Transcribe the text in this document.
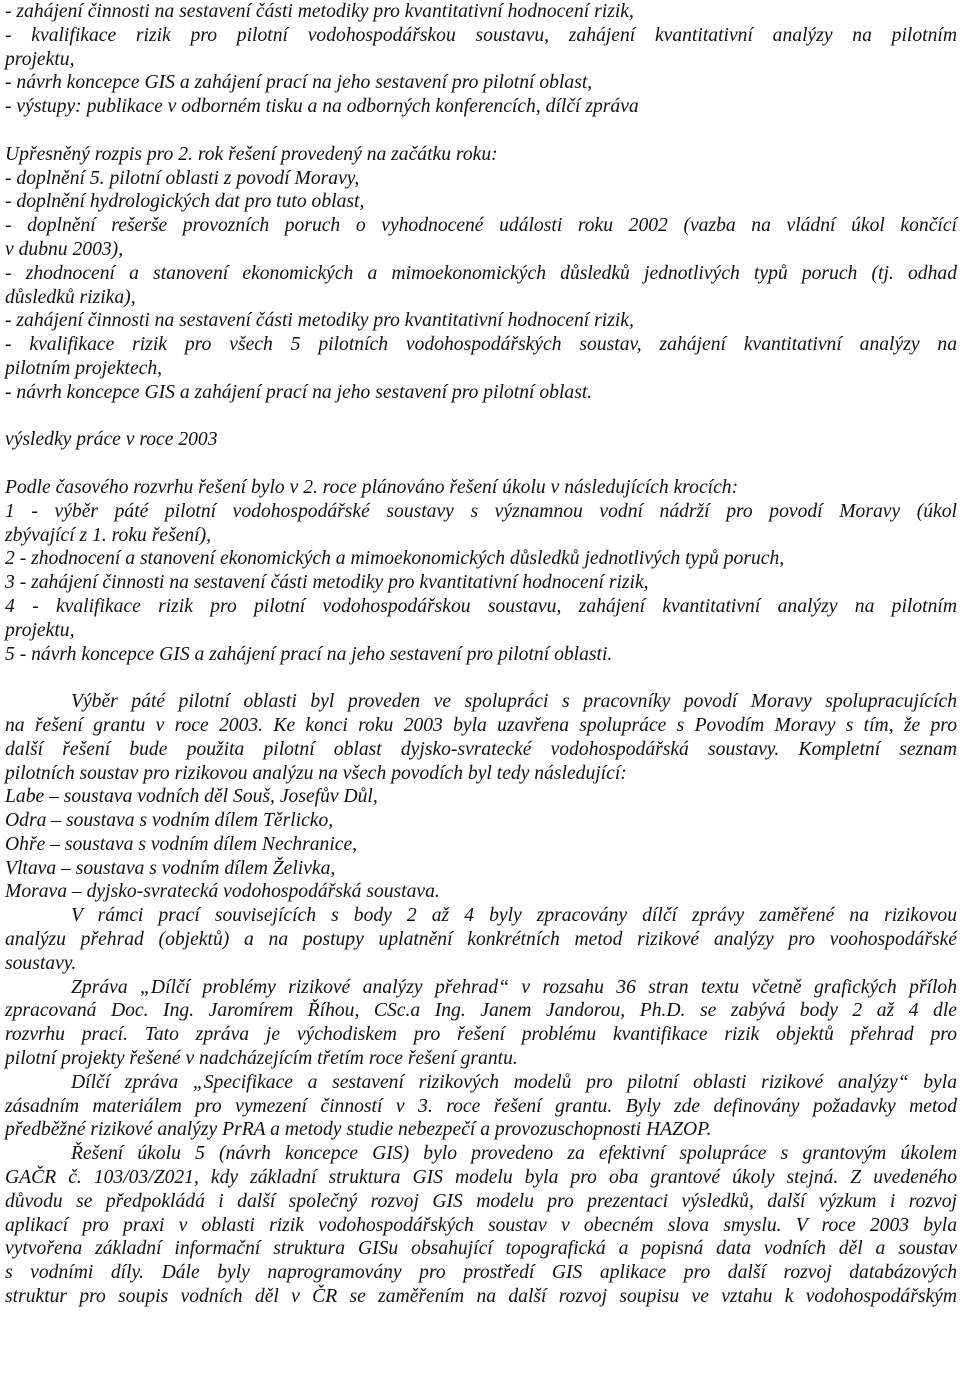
- zahájení činnosti na sestavení části metodiky pro kvantitativní hodnocení rizik,
- kvalifikace rizik pro pilotní vodohospodářskou soustavu, zahájení kvantitativní analýzy na pilotním
projektu,
- návrh koncepce GIS a zahájení prací na jeho sestavení pro pilotní oblast,
- výstupy: publikace v odborném tisku a na odborných konferencích, dílčí zpráva
Upřesněný rozpis pro 2. rok řešení provedený na začátku roku:
- doplnění 5. pilotní oblasti z povodí Moravy,
- doplnění hydrologických dat pro tuto oblast,
- doplnění rešerše provozních poruch o vyhodnocené události roku 2002 (vazba na vládní úkol končící
v dubnu 2003),
- zhodnocení a stanovení ekonomických a mimoekonomických důsledků jednotlivých typů poruch (tj. odhad
důsledků rizika),
- zahájení činnosti na sestavení části metodiky pro kvantitativní hodnocení rizik,
- kvalifikace rizik pro všech 5 pilotních vodohospodářských soustav, zahájení kvantitativní analýzy na
pilotním projektech,
- návrh koncepce GIS a zahájení prací na jeho sestavení pro pilotní oblast.
výsledky práce v roce 2003
Podle časového rozvrhu řešení bylo v 2. roce plánováno řešení úkolu v následujících krocích:
1 - výběr páté pilotní vodohospodářské soustavy s významnou vodní nádrží pro povodí Moravy (úkol
zbývající z 1. roku řešení),
2 - zhodnocení a stanovení ekonomických a mimoekonomických důsledků jednotlivých typů poruch,
3 - zahájení činnosti na sestavení části metodiky pro kvantitativní hodnocení rizik,
4 - kvalifikace rizik pro pilotní vodohospodářskou soustavu, zahájení kvantitativní analýzy na pilotním
projektu,
5 - návrh koncepce GIS a zahájení prací na jeho sestavení pro pilotní oblasti.
Výběr páté pilotní oblasti byl proveden ve spolupráci s pracovníky povodí Moravy spolupracujících
na řešení grantu v roce 2003. Ke konci roku 2003 byla uzavřena spolupráce s Povodím Moravy s tím, že pro
další řešení bude použita pilotní oblast dyjsko-svratecké vodohospodářská soustavy. Kompletní seznam
pilotních soustav pro rizikovou analýzu na všech povodích byl tedy následující:
Labe – soustava vodních děl Souš, Josefův Důl,
Odra – soustava s vodním dílem Těrlicko,
Ohře – soustava s vodním dílem Nechranice,
Vltava – soustava s vodním dílem Želivka,
Morava – dyjsko-svratecká vodohospodářská soustava.
V rámci prací souvisejících s body 2 až 4 byly zpracovány dílčí zprávy zaměřené na rizikovou
analýzu přehrad (objektů) a na postupy uplatnění konkrétních metod rizikové analýzy pro voohospodářské
soustavy.
Zpráva „Dílčí problémy rizikové analýzy přehrad“ v rozsahu 36 stran textu včetně grafických příloh
zpracovaná Doc. Ing. Jaromírem Říhou, CSc.a Ing. Janem Jandorou, Ph.D. se zabývá body 2 až 4 dle
rozvrhu prací. Tato zpráva je východiskem pro řešení problému kvantifikace rizik objektů přehrad pro
pilotní projekty řešené v nadcházejícím třetím roce řešení grantu.
Dílčí zpráva „Specifikace a sestavení rizikových modelů pro pilotní oblasti rizikové analýzy“ byla
zásadním materiálem pro vymezení činností v 3. roce řešení grantu. Byly zde definovány požadavky metod
předběžné rizikové analýzy PrRA a metody studie nebezpečí a provozuschopnosti HAZOP.
Řešení úkolu 5 (návrh koncepce GIS) bylo provedeno za efektivní spolupráce s grantovým úkolem
GAČR č. 103/03/Z021, kdy základní struktura GIS modelu byla pro oba grantové úkoly stejná. Z uvedeného
důvodu se předpokládá i další společný rozvoj GIS modelu pro prezentaci výsledků, další výzkum i rozvoj
aplikací pro praxi v oblasti rizik vodohospodářských soustav v obecném slova smyslu. V roce 2003 byla
vytvořena základní informační struktura GISu obsahující topografická a popisná data vodních děl a soustav
s vodními díly. Dále byly naprogramovány pro prostředí GIS aplikace pro další rozvoj databázových
struktur pro soupis vodních děl v ČR se zaměřením na další rozvoj soupisu ve vztahu k vodohospodářským
